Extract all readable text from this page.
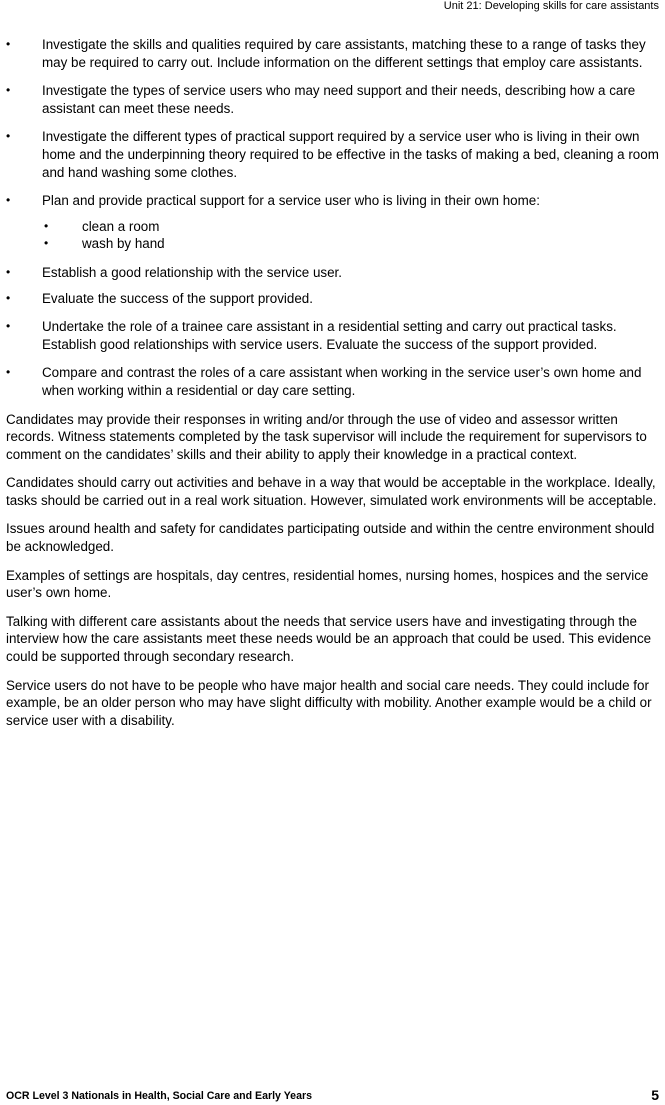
Unit 21: Developing skills for care assistants
• Investigate the skills and qualities required by care assistants, matching these to a range of tasks they may be required to carry out. Include information on the different settings that employ care assistants.
• Investigate the types of service users who may need support and their needs, describing how a care assistant can meet these needs.
• Investigate the different types of practical support required by a service user who is living in their own home and the underpinning theory required to be effective in the tasks of making a bed, cleaning a room and hand washing some clothes.
• Plan and provide practical support for a service user who is living in their own home:
•	clean a room
•	wash by hand
• Establish a good relationship with the service user.
• Evaluate the success of the support provided.
• Undertake the role of a trainee care assistant in a residential setting and carry out practical tasks. Establish good relationships with service users. Evaluate the success of the support provided.
• Compare and contrast the roles of a care assistant when working in the service user’s own home and when working within a residential or day care setting.

Candidates may provide their responses in writing and/or through the use of video and assessor written records. Witness statements completed by the task supervisor will include the requirement for supervisors to comment on the candidates’ skills and their ability to apply their knowledge in a practical context.

Candidates should carry out activities and behave in a way that would be acceptable in the workplace. Ideally, tasks should be carried out in a real work situation. However, simulated work environments will be acceptable.

Issues around health and safety for candidates participating outside and within the centre environment should be acknowledged.

Examples of settings are hospitals, day centres, residential homes, nursing homes, hospices and the service user’s own home.

Talking with different care assistants about the needs that service users have and investigating through the interview how the care assistants meet these needs would be an approach that could be used. This evidence could be supported through secondary research.

Service users do not have to be people who have major health and social care needs. They could include for example, be an older person who may have slight difficulty with mobility. Another example would be a child or service user with a disability.

OCR Level 3 Nationals in Health, Social Care and Early Years	5
